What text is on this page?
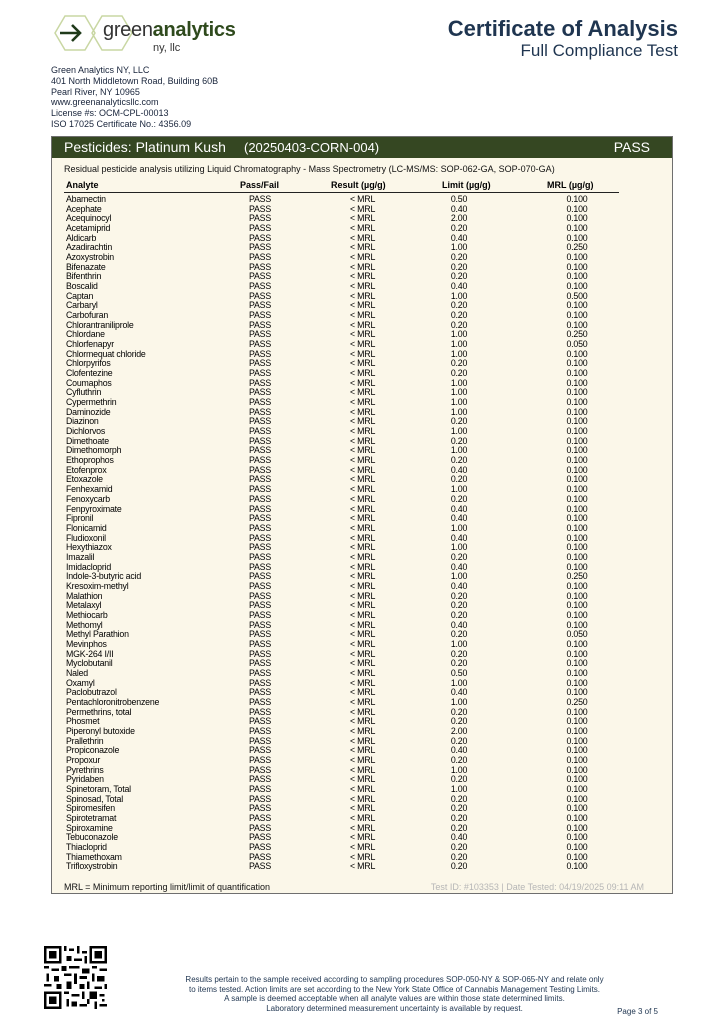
greenanalytics
ny, llc
Certificate of Analysis
Full Compliance Test
Green Analytics NY, LLC
401 North Middletown Road, Building 60B
Pearl River, NY 10965
www.greenanalyticsllc.com
License #s: OCM-CPL-00013
ISO 17025 Certificate No.: 4356.09
Pesticides: Platinum Kush (20250403-CORN-004)	PASS
Residual pesticide analysis utilizing Liquid Chromatography - Mass Spectrometry (LC-MS/MS: SOP-062-GA, SOP-070-GA)
Analyte	Pass/Fail	Result (µg/g)	Limit (µg/g)	MRL (µg/g)
Abamectin	PASS	< MRL	0.50	0.100
Acephate	PASS	< MRL	0.40	0.100
Acequinocyl	PASS	< MRL	2.00	0.100
Acetamiprid	PASS	< MRL	0.20	0.100
Aldicarb	PASS	< MRL	0.40	0.100
Azadirachtin	PASS	< MRL	1.00	0.250
Azoxystrobin	PASS	< MRL	0.20	0.100
Bifenazate	PASS	< MRL	0.20	0.100
Bifenthrin	PASS	< MRL	0.20	0.100
Boscalid	PASS	< MRL	0.40	0.100
Captan	PASS	< MRL	1.00	0.500
Carbaryl	PASS	< MRL	0.20	0.100
Carbofuran	PASS	< MRL	0.20	0.100
Chlorantraniliprole	PASS	< MRL	0.20	0.100
Chlordane	PASS	< MRL	1.00	0.250
Chlorfenapyr	PASS	< MRL	1.00	0.050
Chlormequat chloride	PASS	< MRL	1.00	0.100
Chlorpyrifos	PASS	< MRL	0.20	0.100
Clofentezine	PASS	< MRL	0.20	0.100
Coumaphos	PASS	< MRL	1.00	0.100
Cyfluthrin	PASS	< MRL	1.00	0.100
Cypermethrin	PASS	< MRL	1.00	0.100
Daminozide	PASS	< MRL	1.00	0.100
Diazinon	PASS	< MRL	0.20	0.100
Dichlorvos	PASS	< MRL	1.00	0.100
Dimethoate	PASS	< MRL	0.20	0.100
Dimethomorph	PASS	< MRL	1.00	0.100
Ethoprophos	PASS	< MRL	0.20	0.100
Etofenprox	PASS	< MRL	0.40	0.100
Etoxazole	PASS	< MRL	0.20	0.100
Fenhexamid	PASS	< MRL	1.00	0.100
Fenoxycarb	PASS	< MRL	0.20	0.100
Fenpyroximate	PASS	< MRL	0.40	0.100
Fipronil	PASS	< MRL	0.40	0.100
Flonicamid	PASS	< MRL	1.00	0.100
Fludioxonil	PASS	< MRL	0.40	0.100
Hexythiazox	PASS	< MRL	1.00	0.100
Imazalil	PASS	< MRL	0.20	0.100
Imidacloprid	PASS	< MRL	0.40	0.100
Indole-3-butyric acid	PASS	< MRL	1.00	0.250
Kresoxim-methyl	PASS	< MRL	0.40	0.100
Malathion	PASS	< MRL	0.20	0.100
Metalaxyl	PASS	< MRL	0.20	0.100
Methiocarb	PASS	< MRL	0.20	0.100
Methomyl	PASS	< MRL	0.40	0.100
Methyl Parathion	PASS	< MRL	0.20	0.050
Mevinphos	PASS	< MRL	1.00	0.100
MGK-264 I/II	PASS	< MRL	0.20	0.100
Myclobutanil	PASS	< MRL	0.20	0.100
Naled	PASS	< MRL	0.50	0.100
Oxamyl	PASS	< MRL	1.00	0.100
Paclobutrazol	PASS	< MRL	0.40	0.100
Pentachloronitrobenzene	PASS	< MRL	1.00	0.250
Permethrins, total	PASS	< MRL	0.20	0.100
Phosmet	PASS	< MRL	0.20	0.100
Piperonyl butoxide	PASS	< MRL	2.00	0.100
Prallethrin	PASS	< MRL	0.20	0.100
Propiconazole	PASS	< MRL	0.40	0.100
Propoxur	PASS	< MRL	0.20	0.100
Pyrethrins	PASS	< MRL	1.00	0.100
Pyridaben	PASS	< MRL	0.20	0.100
Spinetoram, Total	PASS	< MRL	1.00	0.100
Spinosad, Total	PASS	< MRL	0.20	0.100
Spiromesifen	PASS	< MRL	0.20	0.100
Spirotetramat	PASS	< MRL	0.20	0.100
Spiroxamine	PASS	< MRL	0.20	0.100
Tebuconazole	PASS	< MRL	0.40	0.100
Thiacloprid	PASS	< MRL	0.20	0.100
Thiamethoxam	PASS	< MRL	0.20	0.100
Trifloxystrobin	PASS	< MRL	0.20	0.100
MRL = Minimum reporting limit/limit of quantification	Test ID: #103353 | Date Tested: 04/19/2025 09:11 AM
Results pertain to the sample received according to sampling procedures SOP-050-NY & SOP-065-NY and relate only
to items tested. Action limits are set according to the New York State Office of Cannabis Management Testing Limits.
A sample is deemed acceptable when all analyte values are within those state determined limits.
Laboratory determined measurement uncertainty is available by request.	Page 3 of 5
